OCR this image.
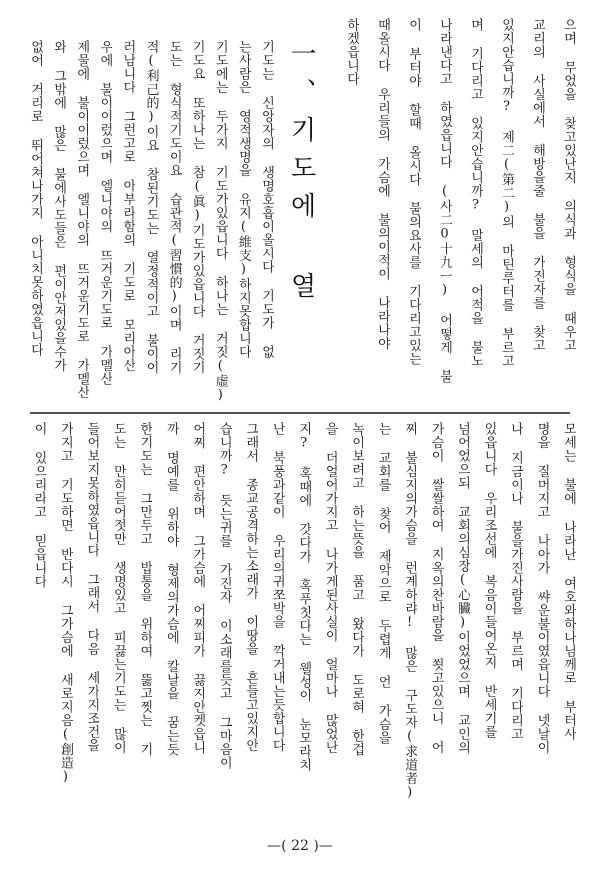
一、기도에 열	으며 무었을 찾고있난지 의식과 형식을 때우고
교리의 사실에서 해방을줄 불을 가진자를 찾고
있지안습니까? 제二(第二)의 마틴루터를 부르고
며 기다리고 있지안습니까? 말세의 어적을 불노
나라낸다고 하였읍니다 (사二0十九ㅡ) 어떻게 불
이 부터야 할때 올시다 불의요사를 기다리고있는
때올시다 우리들의 가슴에 불의이적이 나라나야
하겠읍니다
기도는 신앙자의 생명호흡이올시다 기도가 없
는사람은 영적생명을 유지(維支)하지못합니다
기도에는 두가지 기도가있읍니다 하나는 거짓(虛)
기도요 또하나는 참(眞)기도가있읍니다 거짓기
도는 형식적기도이요 습관적(習慣的)이며 리기
적(利己的)이요 참된기도는 열정적이고 불이이
러남니다 그런고로 아부라함의 기도로 모리아산
우에 불이이렀으며 엘니야의 뜨거운기도로 가멜산
제물에 불이이렀으며 엘니야의 뜨거운기도로 가멜산
와 그밖에 많은 불에사도들은 편이안저있을수가
없어 거리로 뛰어쳐나가지 아니치못하였읍니다
모세는 불에 나라난 여호와하나님께로 부터사
명을 질머지고 나아가 쌰운불이였읍니다 넷날이
나 지금이나 불을가진사람을 부르며 기다리고
있읍니다 우리조선에 복음이들어온지 반세기를
넘어었으되 교회의심장(心臟)이었었으며 교인의
가슴이 쌀쌀하여 지옥의찬바람을 쐿고있으니 어
찌 불심지의가슴을 런계하랴! 많은 구도자(求道者)
는 교회를 찾어 제악으로 두렵게 언 가슴을
녹이보려고 하는뜻을 품고 왔다가 도로혀 한겁
을 더얼어가지고 나가게된사실이 얼마나 많었난
지? 혹때에 갓다가 혹푸칫다는 웰성이 눈모라치
난 북풍과같이 우리의귀쪼박을 깍거내는듯합니다
그래서 종교공격하는소래가 이땅을 흔들고있지안
습니까? 듯는귀를 가진자 이소래를듯고 그마음이
어찌 편안하며 그가슴에 어찌피가 끓지안켓읍니
까 명예를 위하야 형제의가슴에 칼날을 꿈는듯
한기도는 그만두고 밥통을 위하여 뚫고찟는 기
도는 만히듣어젓만 생명있고 피끓는기도는 많이
들어보지못하였읍니다 그래서 다음 세가지조건을
가지고 기도하면 반다시 그가슴에 새로지음(創造)
이 있으리라고 믿읍니다
—( 22 )—
